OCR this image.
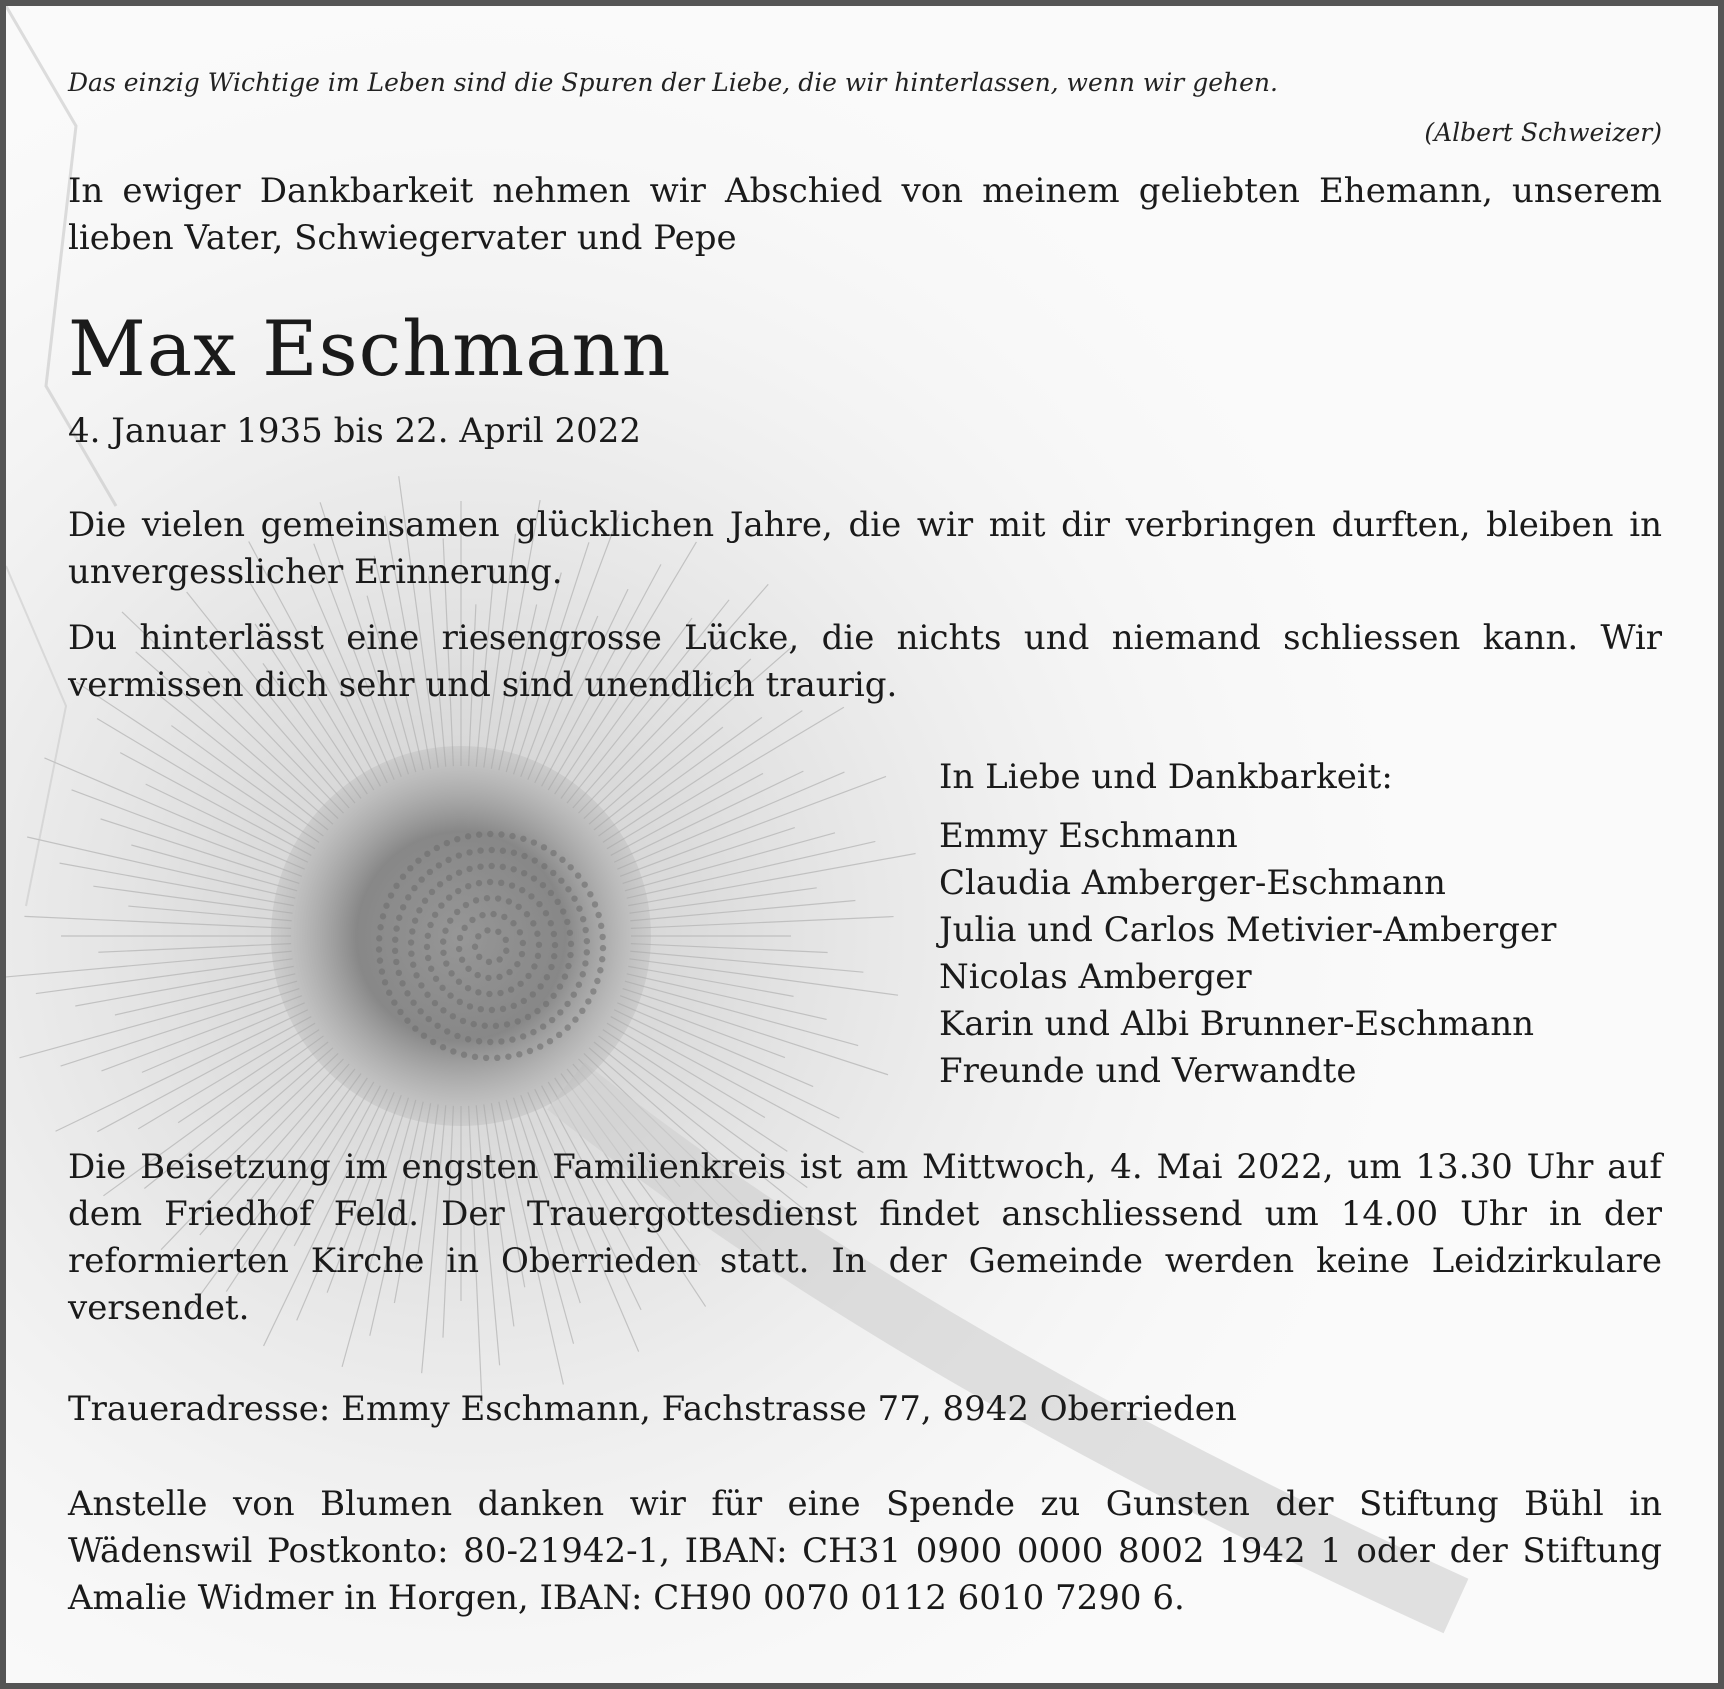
Das einzig Wichtige im Leben sind die Spuren der Liebe, die wir hinterlassen, wenn wir gehen.
(Albert Schweizer)
In ewiger Dankbarkeit nehmen wir Abschied von meinem geliebten Ehemann, unserem lieben Vater, Schwiegervater und Pepe
Max Eschmann
4. Januar 1935 bis 22. April 2022
Die vielen gemeinsamen glücklichen Jahre, die wir mit dir verbringen durften, bleiben in unvergesslicher Erinnerung.
Du hinterlässt eine riesengrosse Lücke, die nichts und niemand schliessen kann. Wir vermissen dich sehr und sind unendlich traurig.
In Liebe und Dankbarkeit:
Emmy Eschmann
Claudia Amberger-Eschmann
Julia und Carlos Metivier-Amberger
Nicolas Amberger
Karin und Albi Brunner-Eschmann
Freunde und Verwandte
Die Beisetzung im engsten Familienkreis ist am Mittwoch, 4. Mai 2022, um 13.30 Uhr auf dem Friedhof Feld. Der Trauergottesdienst findet anschliessend um 14.00 Uhr in der reformierten Kirche in Oberrieden statt. In der Gemeinde werden keine Leidzirkulare versendet.
Traueradresse: Emmy Eschmann, Fachstrasse 77, 8942 Oberrieden
Anstelle von Blumen danken wir für eine Spende zu Gunsten der Stiftung Bühl in Wädenswil Postkonto: 80-21942-1, IBAN: CH31 0900 0000 8002 1942 1 oder der Stiftung Amalie Widmer in Horgen, IBAN: CH90 0070 0112 6010 7290 6.
